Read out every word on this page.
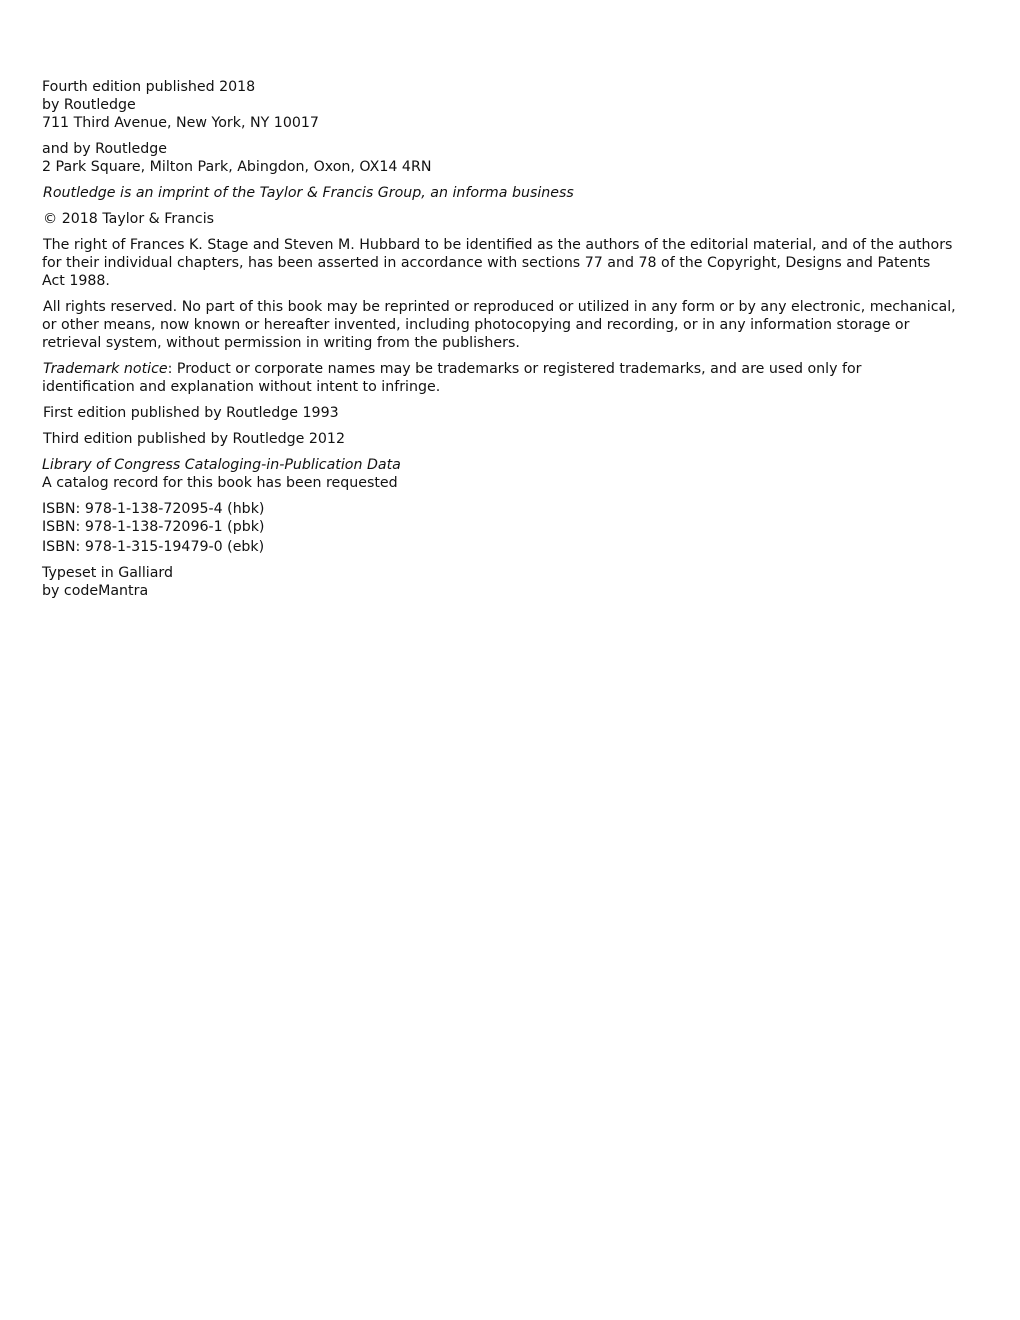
Fourth edition published 2018
by Routledge
711 Third Avenue, New York, NY 10017
and by Routledge
2 Park Square, Milton Park, Abingdon, Oxon, OX14 4RN

Routledge is an imprint of the Taylor & Francis Group, an informa business

© 2018 Taylor & Francis

The right of Frances K. Stage and Steven M. Hubbard to be identified as the authors of the editorial material, and of the authors for their individual chapters, has been asserted in accordance with sections 77 and 78 of the Copyright, Designs and Patents Act 1988.

All rights reserved. No part of this book may be reprinted or reproduced or utilized in any form or by any electronic, mechanical, or other means, now known or hereafter invented, including photocopying and recording, or in any information storage or retrieval system, without permission in writing from the publishers.

Trademark notice: Product or corporate names may be trademarks or registered trademarks, and are used only for identification and explanation without intent to infringe.

First edition published by Routledge 1993

Third edition published by Routledge 2012

Library of Congress Cataloging-in-Publication Data
A catalog record for this book has been requested
ISBN: 978-1-138-72095-4 (hbk)
ISBN: 978-1-138-72096-1 (pbk)
ISBN: 978-1-315-19479-0 (ebk)
Typeset in Galliard
by codeMantra
